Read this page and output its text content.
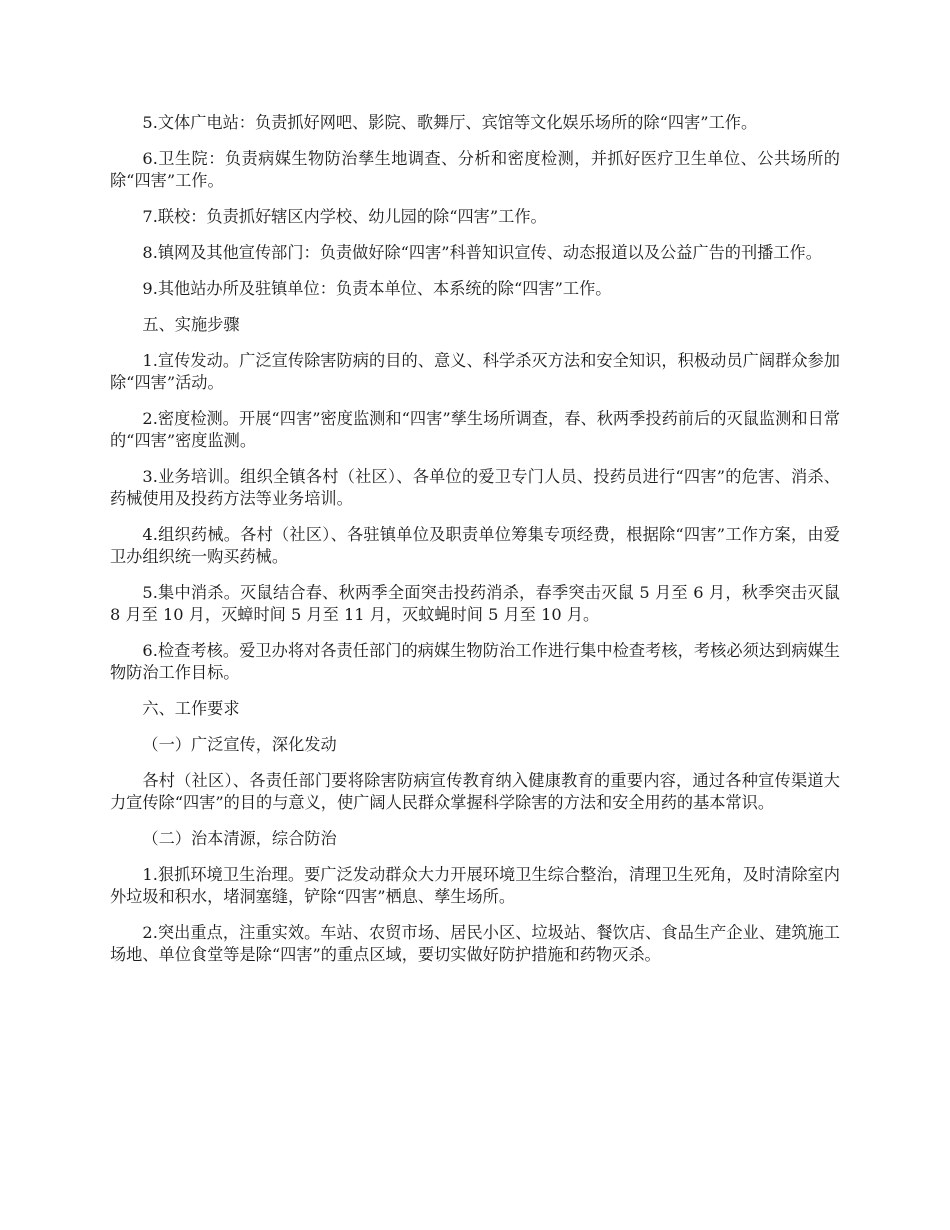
5.文体广电站：负责抓好网吧、影院、歌舞厅、宾馆等文化娱乐场所的除“四害”工作。

6.卫生院：负责病媒生物防治孳生地调查、分析和密度检测，并抓好医疗卫生单位、公共场所的除“四害”工作。

7.联校：负责抓好辖区内学校、幼儿园的除“四害”工作。

8.镇网及其他宣传部门：负责做好除“四害”科普知识宣传、动态报道以及公益广告的刊播工作。

9.其他站办所及驻镇单位：负责本单位、本系统的除“四害”工作。

五、实施步骤

1.宣传发动。广泛宣传除害防病的目的、意义、科学杀灭方法和安全知识，积极动员广阔群众参加除“四害”活动。

2.密度检测。开展“四害”密度监测和“四害”孳生场所调查，春、秋两季投药前后的灭鼠监测和日常的“四害”密度监测。

3.业务培训。组织全镇各村（社区）、各单位的爱卫专门人员、投药员进行“四害”的危害、消杀、药械使用及投药方法等业务培训。

4.组织药械。各村（社区）、各驻镇单位及职责单位筹集专项经费，根据除“四害”工作方案，由爱卫办组织统一购买药械。

5.集中消杀。灭鼠结合春、秋两季全面突击投药消杀，春季突击灭鼠 5 月至 6 月，秋季突击灭鼠 8 月至 10 月，灭蟑时间 5 月至 11 月，灭蚊蝇时间 5 月至 10 月。

6.检查考核。爱卫办将对各责任部门的病媒生物防治工作进行集中检查考核，考核必须达到病媒生物防治工作目标。

六、工作要求

（一）广泛宣传，深化发动

各村（社区）、各责任部门要将除害防病宣传教育纳入健康教育的重要内容，通过各种宣传渠道大力宣传除“四害”的目的与意义，使广阔人民群众掌握科学除害的方法和安全用药的基本常识。

（二）治本清源，综合防治

1.狠抓环境卫生治理。要广泛发动群众大力开展环境卫生综合整治，清理卫生死角，及时清除室内外垃圾和积水，堵洞塞缝，铲除“四害”栖息、孳生场所。

2.突出重点，注重实效。车站、农贸市场、居民小区、垃圾站、餐饮店、食品生产企业、建筑施工场地、单位食堂等是除“四害”的重点区域，要切实做好防护措施和药物灭杀。
